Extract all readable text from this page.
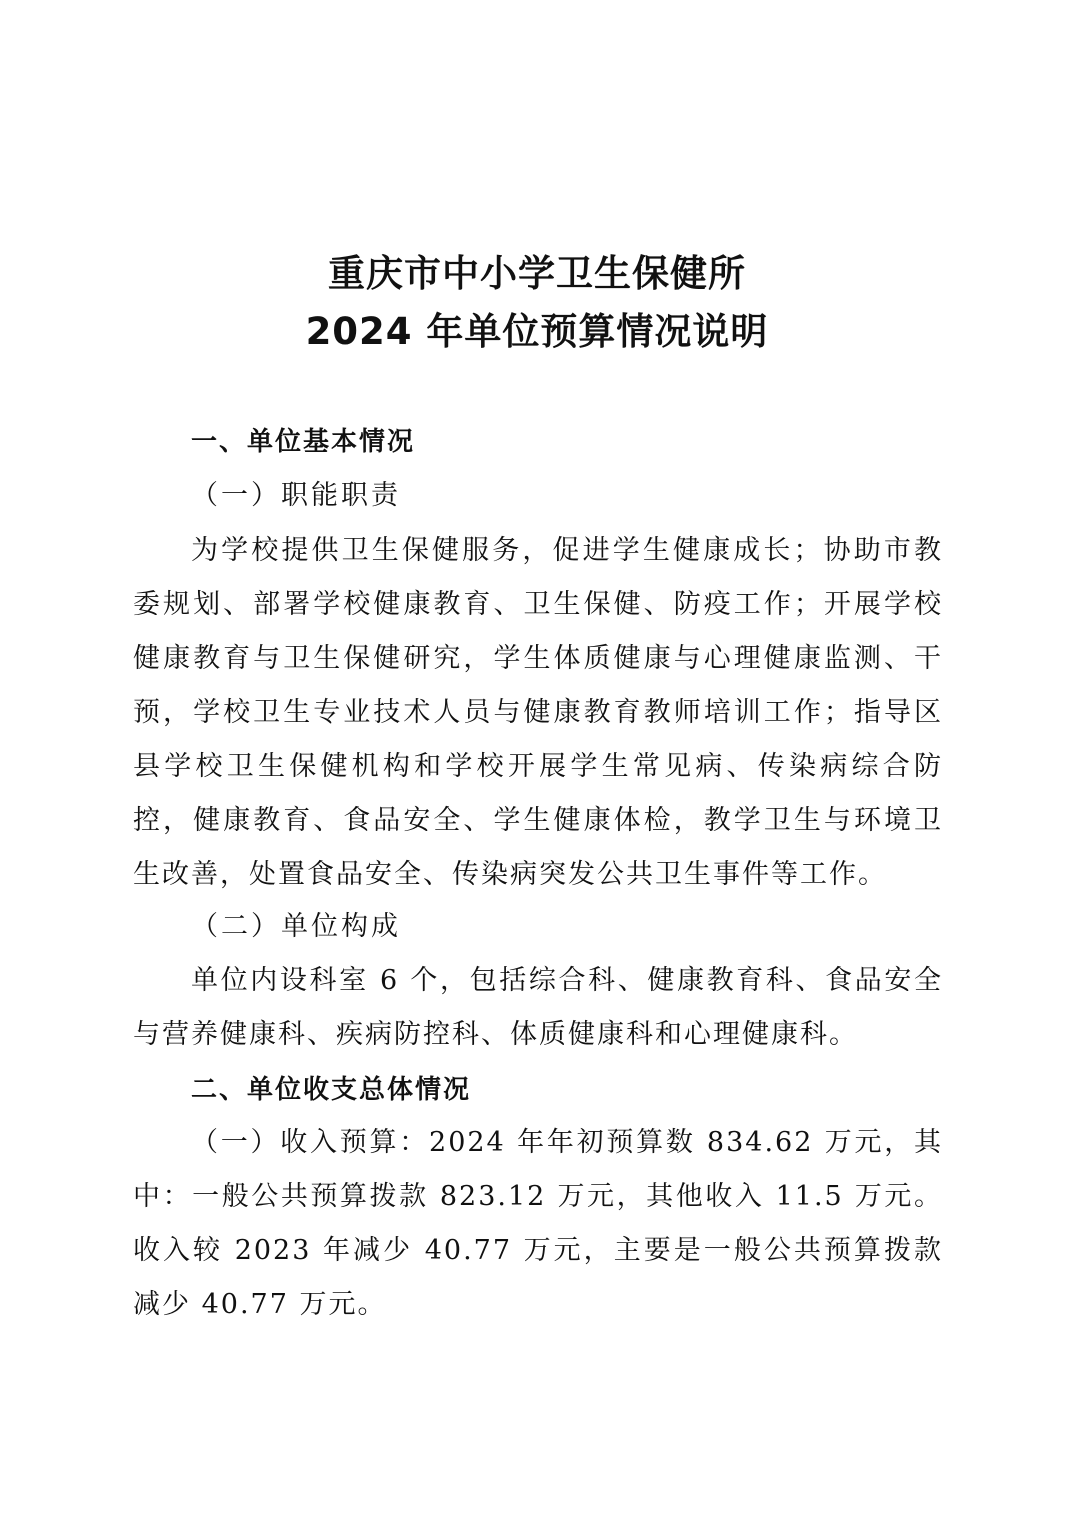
重庆市中小学卫生保健所
2024 年单位预算情况说明
一、单位基本情况
（一）职能职责
为学校提供卫生保健服务，促进学生健康成长；协助市教委规划、部署学校健康教育、卫生保健、防疫工作；开展学校健康教育与卫生保健研究，学生体质健康与心理健康监测、干预，学校卫生专业技术人员与健康教育教师培训工作；指导区县学校卫生保健机构和学校开展学生常见病、传染病综合防控，健康教育、食品安全、学生健康体检，教学卫生与环境卫生改善，处置食品安全、传染病突发公共卫生事件等工作。
（二）单位构成
单位内设科室 6 个，包括综合科、健康教育科、食品安全与营养健康科、疾病防控科、体质健康科和心理健康科。
二、单位收支总体情况
（一）收入预算：2024 年年初预算数 834.62 万元，其中：一般公共预算拨款 823.12 万元，其他收入 11.5 万元。收入较 2023 年减少 40.77 万元，主要是一般公共预算拨款减少 40.77 万元。
